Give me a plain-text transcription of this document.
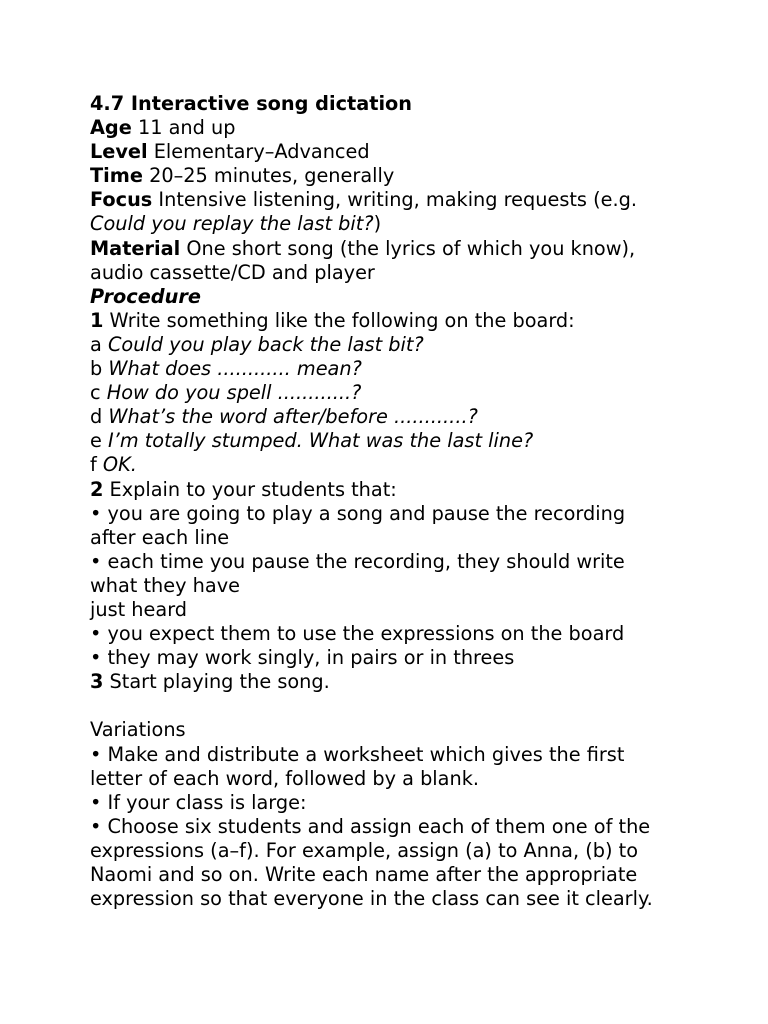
4.7 Interactive song dictation
Age 11 and up
Level Elementary–Advanced
Time 20–25 minutes, generally
Focus Intensive listening, writing, making requests (e.g.
Could you replay the last bit?)
Material One short song (the lyrics of which you know),
audio cassette/CD and player
Procedure
1 Write something like the following on the board:
a Could you play back the last bit?
b What does ............ mean?
c How do you spell ............?
d What’s the word after/before ............?
e I’m totally stumped. What was the last line?
f OK.
2 Explain to your students that:
• you are going to play a song and pause the recording
after each line
• each time you pause the recording, they should write
what they have
just heard
• you expect them to use the expressions on the board
• they may work singly, in pairs or in threes
3 Start playing the song.
Variations
• Make and distribute a worksheet which gives the first
letter of each word, followed by a blank.
• If your class is large:
• Choose six students and assign each of them one of the
expressions (a–f). For example, assign (a) to Anna, (b) to
Naomi and so on. Write each name after the appropriate
expression so that everyone in the class can see it clearly.
